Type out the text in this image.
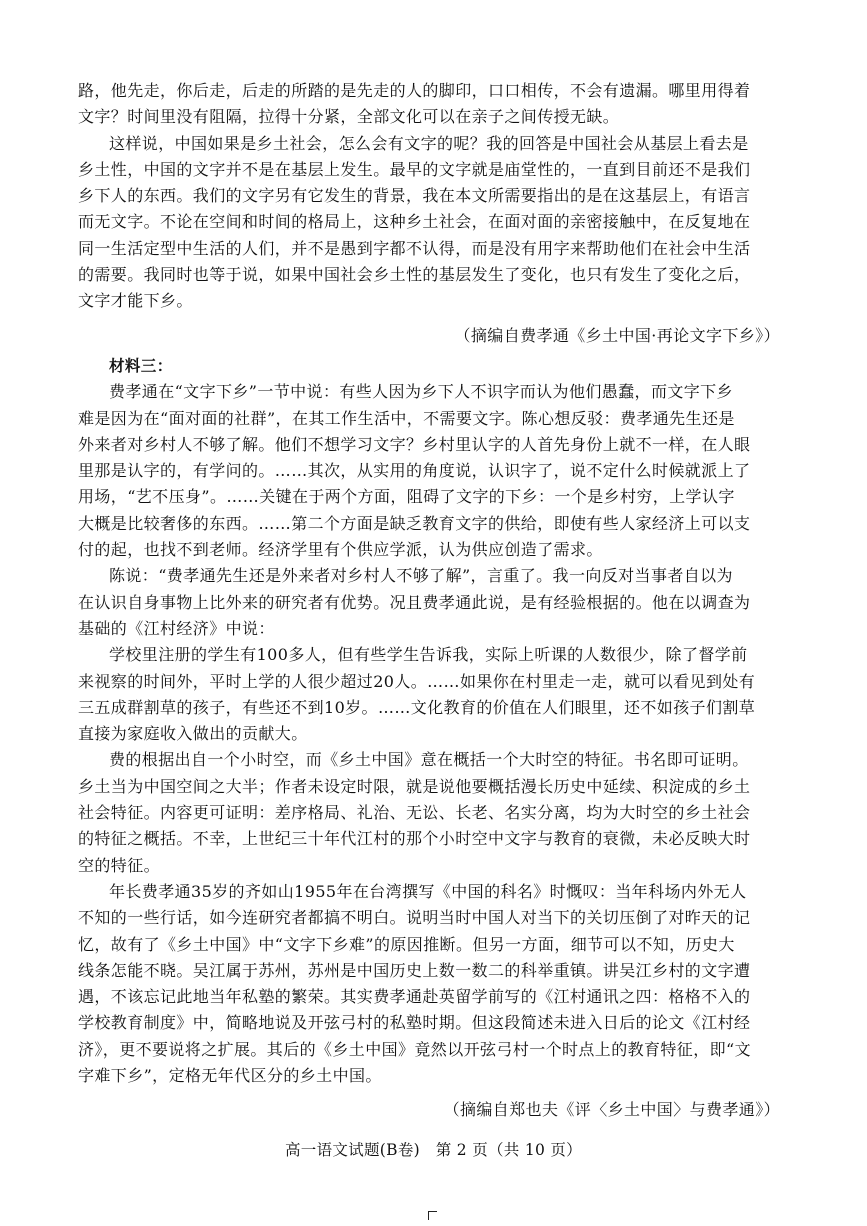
路，他先走，你后走，后走的所踏的是先走的人的脚印，口口相传，不会有遗漏。哪里用得着
文字？时间里没有阻隔，拉得十分紧，全部文化可以在亲子之间传授无缺。
这样说，中国如果是乡土社会，怎么会有文字的呢？我的回答是中国社会从基层上看去是
乡土性，中国的文字并不是在基层上发生。最早的文字就是庙堂性的，一直到目前还不是我们
乡下人的东西。我们的文字另有它发生的背景，我在本文所需要指出的是在这基层上，有语言
而无文字。不论在空间和时间的格局上，这种乡土社会，在面对面的亲密接触中，在反复地在
同一生活定型中生活的人们，并不是愚到字都不认得，而是没有用字来帮助他们在社会中生活
的需要。我同时也等于说，如果中国社会乡土性的基层发生了变化，也只有发生了变化之后，
文字才能下乡。
（摘编自费孝通《乡土中国·再论文字下乡》）
材料三：
费孝通在“文字下乡”一节中说：有些人因为乡下人不识字而认为他们愚蠢，而文字下乡
难是因为在“面对面的社群”，在其工作生活中，不需要文字。陈心想反驳：费孝通先生还是
外来者对乡村人不够了解。他们不想学习文字？乡村里认字的人首先身份上就不一样，在人眼
里那是认字的，有学问的。……其次，从实用的角度说，认识字了，说不定什么时候就派上了
用场，“艺不压身”。……关键在于两个方面，阻碍了文字的下乡：一个是乡村穷，上学认字
大概是比较奢侈的东西。……第二个方面是缺乏教育文字的供给，即使有些人家经济上可以支
付的起，也找不到老师。经济学里有个供应学派，认为供应创造了需求。
陈说：“费孝通先生还是外来者对乡村人不够了解”，言重了。我一向反对当事者自以为
在认识自身事物上比外来的研究者有优势。况且费孝通此说，是有经验根据的。他在以调查为
基础的《江村经济》中说：
学校里注册的学生有100多人，但有些学生告诉我，实际上听课的人数很少，除了督学前
来视察的时间外，平时上学的人很少超过20人。……如果你在村里走一走，就可以看见到处有
三五成群割草的孩子，有些还不到10岁。……文化教育的价值在人们眼里，还不如孩子们割草
直接为家庭收入做出的贡献大。
费的根据出自一个小时空，而《乡土中国》意在概括一个大时空的特征。书名即可证明。
乡土当为中国空间之大半；作者未设定时限，就是说他要概括漫长历史中延续、积淀成的乡土
社会特征。内容更可证明：差序格局、礼治、无讼、长老、名实分离，均为大时空的乡土社会
的特征之概括。不幸，上世纪三十年代江村的那个小时空中文字与教育的衰微，未必反映大时
空的特征。
年长费孝通35岁的齐如山1955年在台湾撰写《中国的科名》时慨叹：当年科场内外无人
不知的一些行话，如今连研究者都搞不明白。说明当时中国人对当下的关切压倒了对昨天的记
忆，故有了《乡土中国》中“文字下乡难”的原因推断。但另一方面，细节可以不知，历史大
线条怎能不晓。吴江属于苏州，苏州是中国历史上数一数二的科举重镇。讲吴江乡村的文字遭
遇，不该忘记此地当年私塾的繁荣。其实费孝通赴英留学前写的《江村通讯之四：格格不入的
学校教育制度》中，简略地说及开弦弓村的私塾时期。但这段简述未进入日后的论文《江村经
济》，更不要说将之扩展。其后的《乡土中国》竟然以开弦弓村一个时点上的教育特征，即“文
字难下乡”，定格无年代区分的乡土中国。
（摘编自郑也夫《评〈乡土中国〉与费孝通》）
高一语文试题(B卷)　第 2 页（共 10 页）
